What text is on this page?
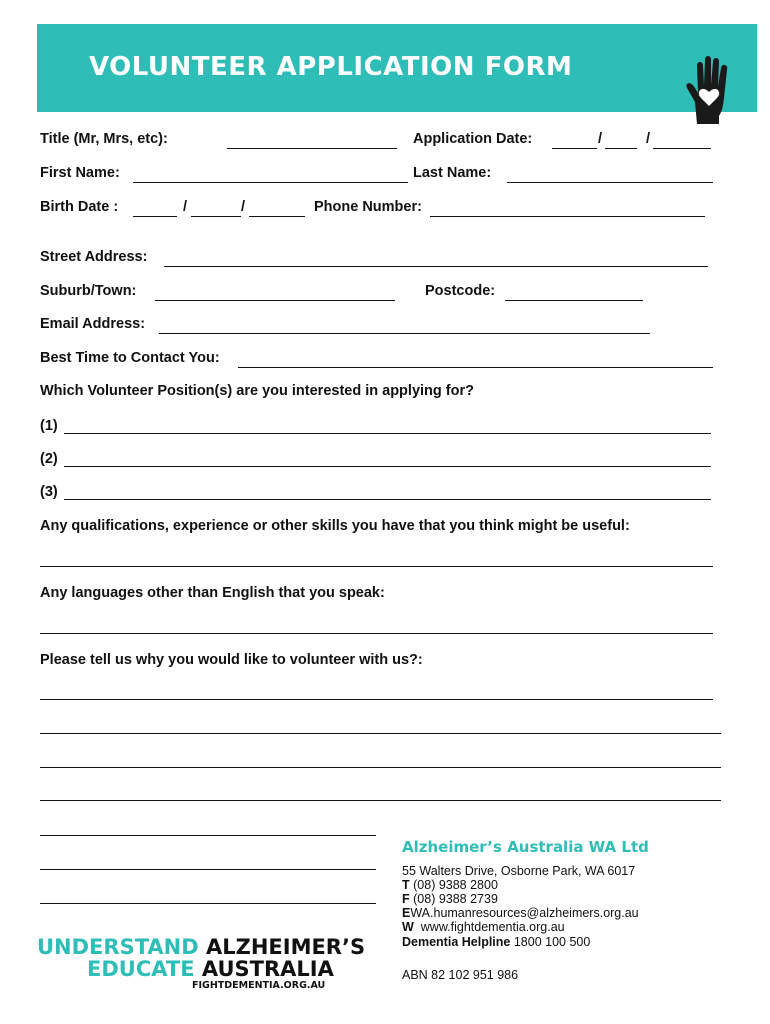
VOLUNTEER APPLICATION FORM
Title (Mr, Mrs, etc):	Application Date:	/	/
First Name:	Last Name:
Birth Date :	/	/	Phone Number:
Street Address:
Suburb/Town:	Postcode:
Email Address:
Best Time to Contact You:
Which Volunteer Position(s) are you interested in applying for?
(1)
(2)
(3)
Any qualifications, experience or other skills you have that you think might be useful:
Any languages other than English that you speak:
Please tell us why you would like to volunteer with us?:
Alzheimer’s Australia WA Ltd
55 Walters Drive, Osborne Park, WA 6017
T (08) 9388 2800
F (08) 9388 2739
EWA.humanresources@alzheimers.org.au
W www.fightdementia.org.au
Dementia Helpline 1800 100 500
ABN 82 102 951 986
UNDERSTAND ALZHEIMER’S
EDUCATE AUSTRALIA
FIGHTDEMENTIA.ORG.AU
